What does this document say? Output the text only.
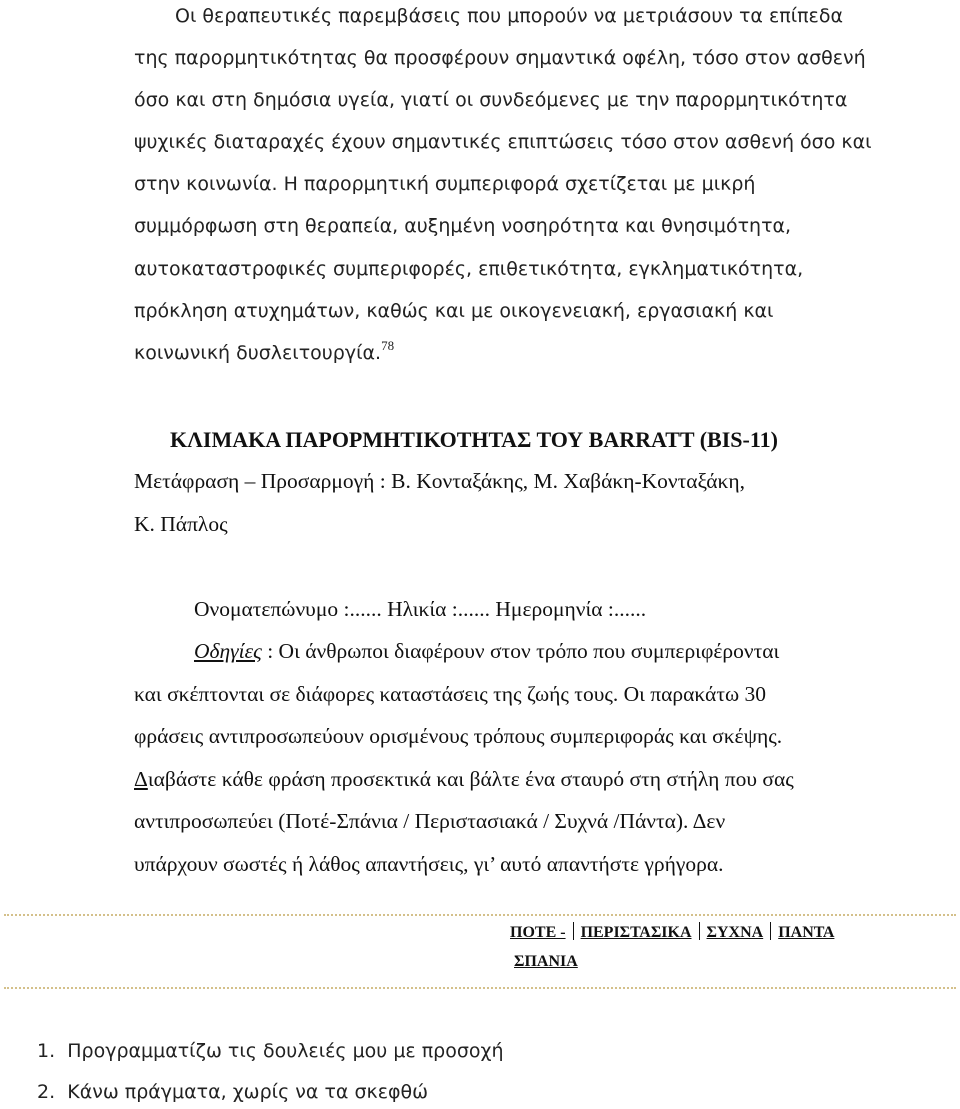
Οι θεραπευτικές παρεμβάσεις που μπορούν να μετριάσουν τα επίπεδα
της παρορμητικότητας θα προσφέρουν σημαντικά οφέλη, τόσο στον ασθενή
όσο και στη δημόσια υγεία, γιατί οι συνδεόμενες με την παρορμητικότητα
ψυχικές διαταραχές έχουν σημαντικές επιπτώσεις τόσο στον ασθενή όσο και
στην κοινωνία. Η παρορμητική συμπεριφορά σχετίζεται με μικρή
συμμόρφωση στη θεραπεία, αυξημένη νοσηρότητα και θνησιμότητα,
αυτοκαταστροφικές συμπεριφορές, επιθετικότητα, εγκληματικότητα,
πρόκληση ατυχημάτων, καθώς και με οικογενειακή, εργασιακή και
κοινωνική δυσλειτουργία.$^{78}$
ΚΛΙΜΑΚΑ ΠΑΡΟΡΜΗΤΙΚΟΤΗΤΑΣ ΤΟΥ BARRATT (BIS-11)
Μετάφραση – Προσαρμογή : Β. Κονταξάκης, Μ. Χαβάκη-Κονταξάκη,
Κ. Πάπλος
Ονοματεπώνυμο :...... Ηλικία :...... Ημερομηνία :......
Οδηγίες : Οι άνθρωποι διαφέρουν στον τρόπο που συμπεριφέρονται
και σκέπτονται σε διάφορες καταστάσεις της ζωής τους. Οι παρακάτω 30
φράσεις αντιπροσωπεύουν ορισμένους τρόπους συμπεριφοράς και σκέψης.
Διαβάστε κάθε φράση προσεκτικά και βάλτε ένα σταυρό στη στήλη που σας
αντιπροσωπεύει (Ποτέ-Σπάνια / Περιστασιακά / Συχνά /Πάντα). Δεν
υπάρχουν σωστές ή λάθος απαντήσεις, γι’ αυτό απαντήστε γρήγορα.
ΠΟΤΕ - ΠΕΡΙΣΤΑΣΙΚΑ ΣΥΧΝΑ ΠΑΝΤΑ
ΣΠΑΝΙΑ
1. Προγραμματίζω τις δουλειές μου με προσοχή
2. Κάνω πράγματα, χωρίς να τα σκεφθώ
